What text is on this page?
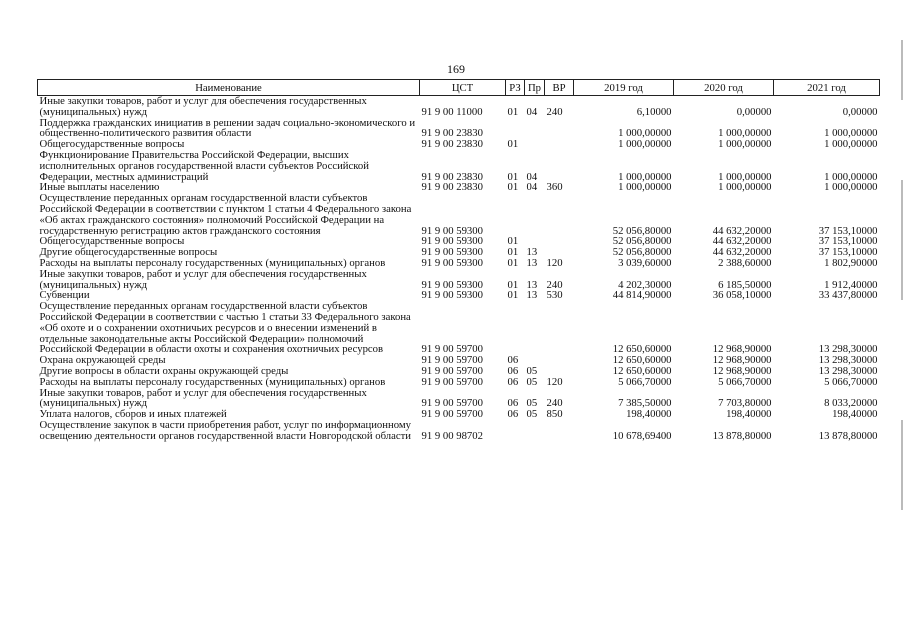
169
Наименование	ЦСТ	РЗ	Пр	ВР	2019 год	2020 год	2021 год
Иные закупки товаров, работ и услуг для обеспечения государственных (муниципальных) нужд	91 9 00 11000	01	04	240	6,10000	0,00000	0,00000
Поддержка гражданских инициатив в решении задач социально-экономического и общественно-политического развития области	91 9 00 23830				1 000,00000	1 000,00000	1 000,00000
Общегосударственные вопросы	91 9 00 23830	01			1 000,00000	1 000,00000	1 000,00000
Функционирование Правительства Российской Федерации, высших исполнительных органов государственной власти субъектов Российской Федерации, местных администраций	91 9 00 23830	01	04		1 000,00000	1 000,00000	1 000,00000
Иные выплаты населению	91 9 00 23830	01	04	360	1 000,00000	1 000,00000	1 000,00000
Осуществление переданных органам государственной власти субъектов Российской Федерации в соответствии с пунктом 1 статьи 4 Федерального закона «Об актах гражданского состояния» полномочий Российской Федерации на государственную регистрацию актов гражданского состояния	91 9 00 59300				52 056,80000	44 632,20000	37 153,10000
Общегосударственные вопросы	91 9 00 59300	01			52 056,80000	44 632,20000	37 153,10000
Другие общегосударственные вопросы	91 9 00 59300	01	13		52 056,80000	44 632,20000	37 153,10000
Расходы на выплаты персоналу государственных (муниципальных) органов	91 9 00 59300	01	13	120	3 039,60000	2 388,60000	1 802,90000
Иные закупки товаров, работ и услуг для обеспечения государственных (муниципальных) нужд	91 9 00 59300	01	13	240	4 202,30000	6 185,50000	1 912,40000
Субвенции	91 9 00 59300	01	13	530	44 814,90000	36 058,10000	33 437,80000
Осуществление переданных органам государственной власти субъектов Российской Федерации в соответствии с частью 1 статьи 33 Федерального закона «Об охоте и о сохранении охотничьих ресурсов и о внесении изменений в отдельные законодательные акты Российской Федерации» полномочий Российской Федерации в области охоты и сохранения охотничьих ресурсов	91 9 00 59700				12 650,60000	12 968,90000	13 298,30000
Охрана окружающей среды	91 9 00 59700	06			12 650,60000	12 968,90000	13 298,30000
Другие вопросы в области охраны окружающей среды	91 9 00 59700	06	05		12 650,60000	12 968,90000	13 298,30000
Расходы на выплаты персоналу государственных (муниципальных) органов	91 9 00 59700	06	05	120	5 066,70000	5 066,70000	5 066,70000
Иные закупки товаров, работ и услуг для обеспечения государственных (муниципальных) нужд	91 9 00 59700	06	05	240	7 385,50000	7 703,80000	8 033,20000
Уплата налогов, сборов и иных платежей	91 9 00 59700	06	05	850	198,40000	198,40000	198,40000
Осуществление закупок в части приобретения работ, услуг по информационному освещению деятельности органов государственной власти Новгородской области	91 9 00 98702				10 678,69400	13 878,80000	13 878,80000
